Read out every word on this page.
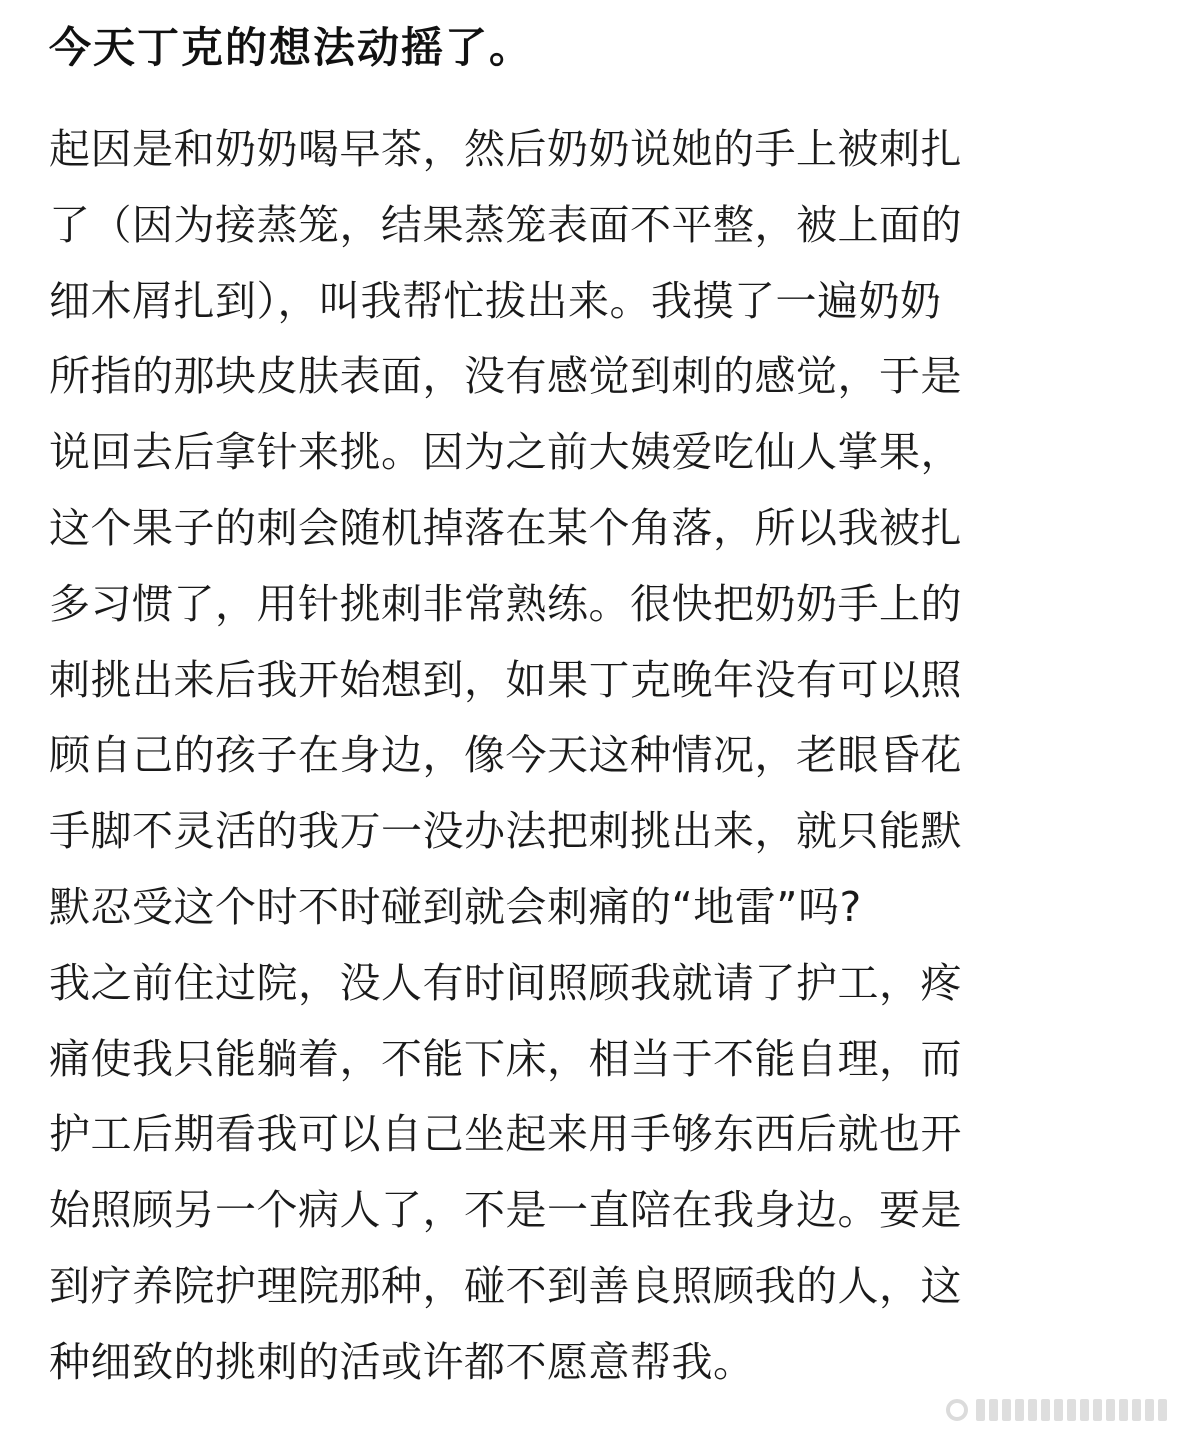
今天丁克的想法动摇了。
起因是和奶奶喝早茶，然后奶奶说她的手上被刺扎
了（因为接蒸笼，结果蒸笼表面不平整，被上面的
细木屑扎到），叫我帮忙拔出来。我摸了一遍奶奶
所指的那块皮肤表面，没有感觉到刺的感觉，于是
说回去后拿针来挑。因为之前大姨爱吃仙人掌果，
这个果子的刺会随机掉落在某个角落，所以我被扎
多习惯了，用针挑刺非常熟练。很快把奶奶手上的
刺挑出来后我开始想到，如果丁克晚年没有可以照
顾自己的孩子在身边，像今天这种情况，老眼昏花
手脚不灵活的我万一没办法把刺挑出来，就只能默
默忍受这个时不时碰到就会刺痛的“地雷”吗?
我之前住过院，没人有时间照顾我就请了护工，疼
痛使我只能躺着，不能下床，相当于不能自理，而
护工后期看我可以自己坐起来用手够东西后就也开
始照顾另一个病人了，不是一直陪在我身边。要是
到疗养院护理院那种，碰不到善良照顾我的人，这
种细致的挑刺的活或许都不愿意帮我。
